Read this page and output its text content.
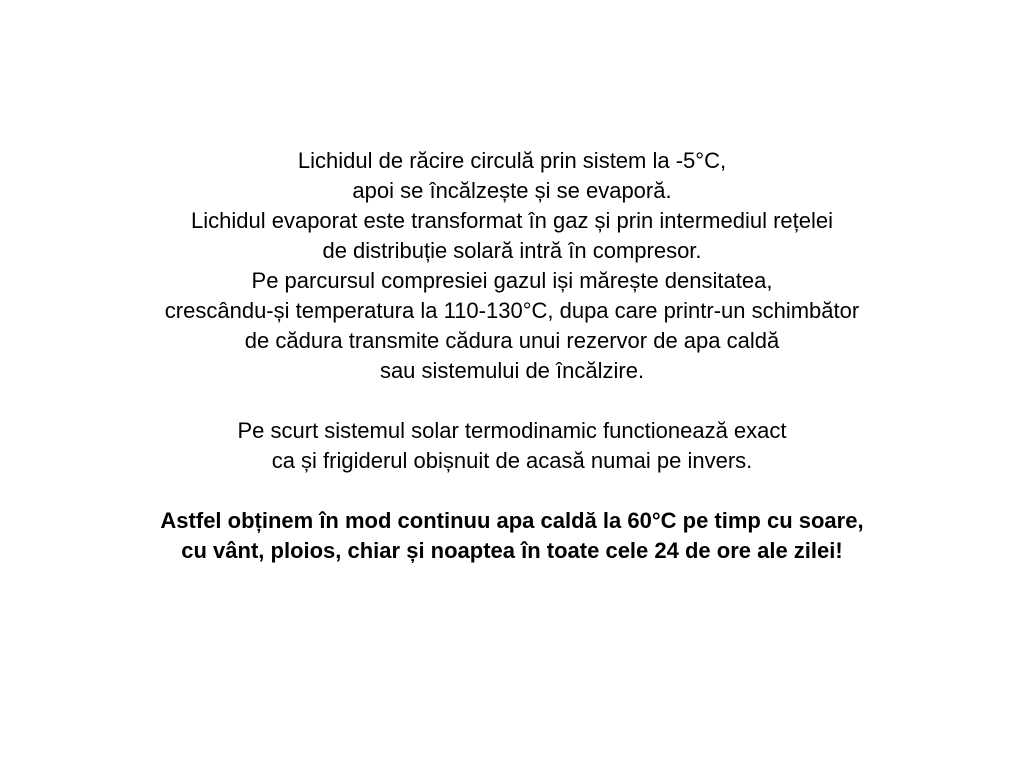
Lichidul de răcire circulă prin sistem la -5°C,
apoi se încălzește și se evaporă.
Lichidul evaporat este transformat în gaz și prin intermediul rețelei
de distribuție solară intră în compresor.
Pe parcursul compresiei gazul iși mărește densitatea,
crescându-și temperatura la 110-130°C, dupa care printr-un schimbător
de cădura transmite cădura unui rezervor de apa caldă
sau sistemului de încălzire.
Pe scurt sistemul solar termodinamic functionează exact
ca și frigiderul obișnuit de acasă numai pe invers.
Astfel obținem în mod continuu apa caldă la 60°C pe timp cu soare,
cu vânt, ploios, chiar și noaptea în toate cele 24 de ore ale zilei!
